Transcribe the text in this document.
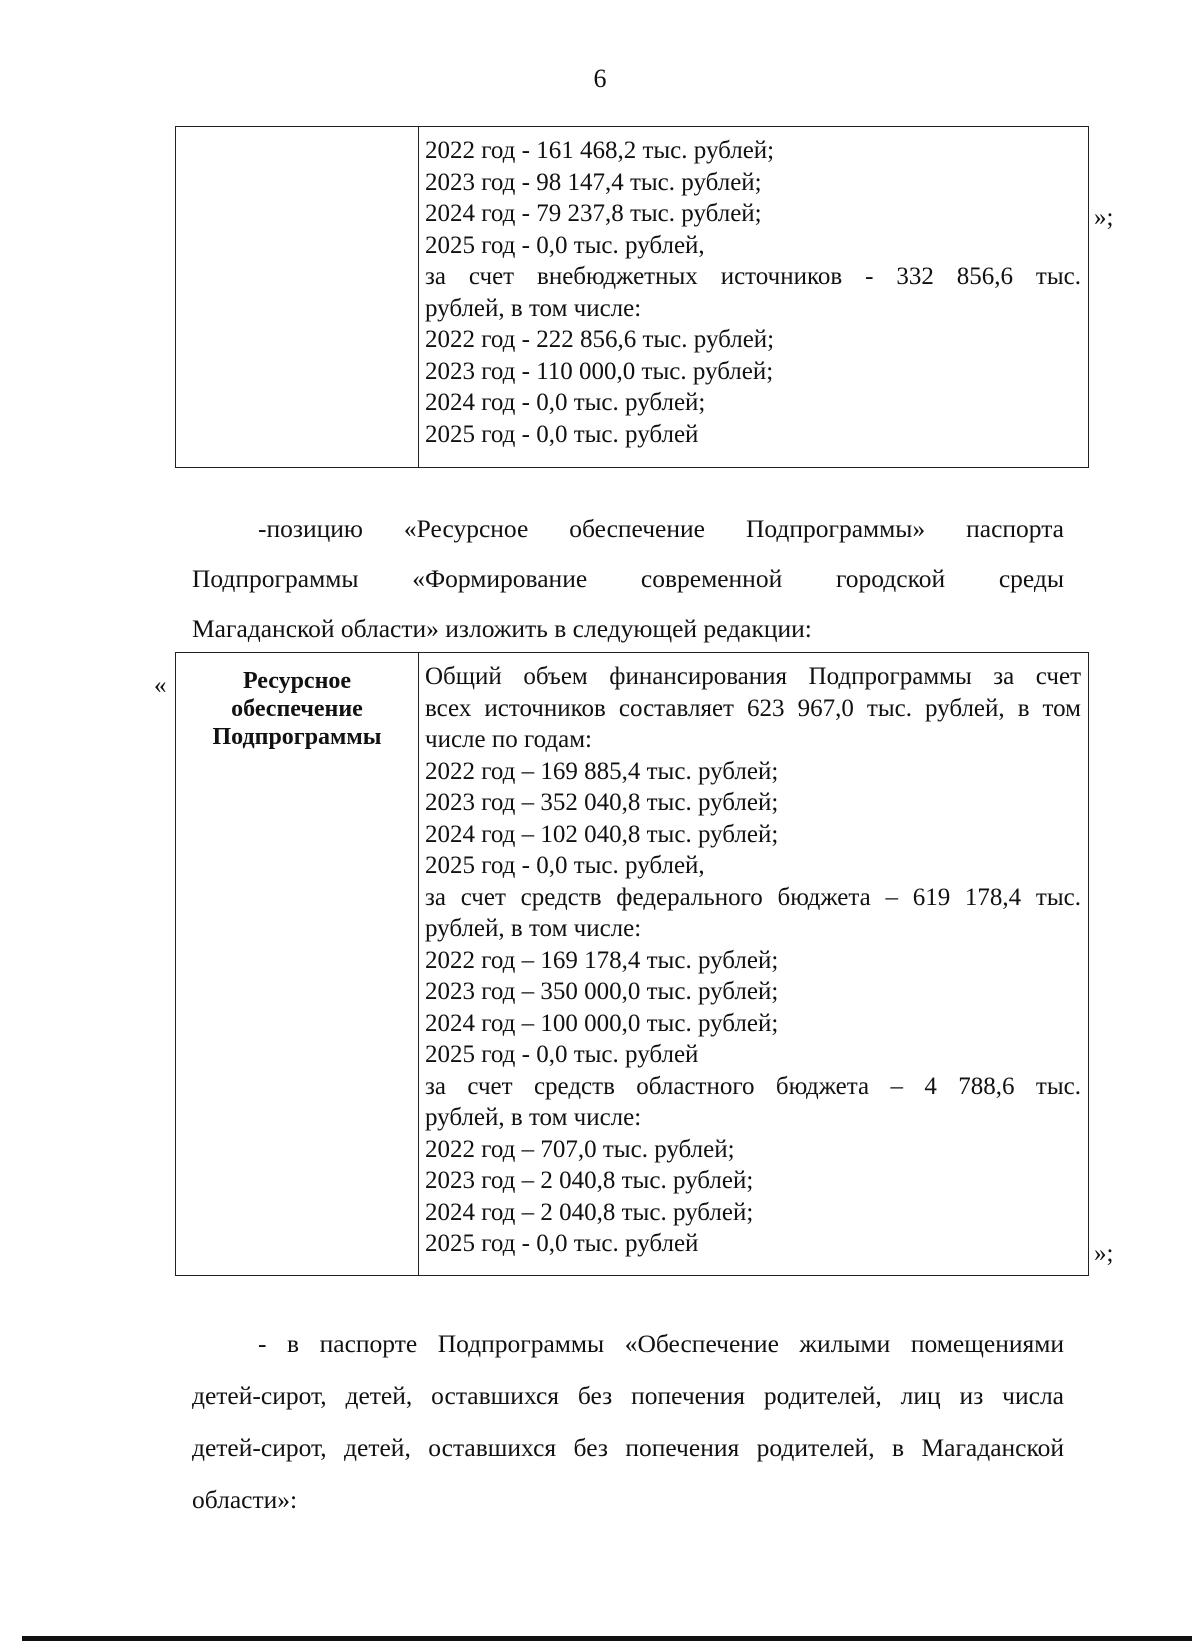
6
2022 год - 161 468,2 тыс. рублей;
2023 год - 98 147,4 тыс. рублей;
2024 год - 79 237,8 тыс. рублей;
2025 год - 0,0 тыс. рублей,
за счет внебюджетных источников - 332 856,6 тыс.
рублей, в том числе:
2022 год - 222 856,6 тыс. рублей;
2023 год - 110 000,0 тыс. рублей;
2024 год - 0,0 тыс. рублей;
2025 год - 0,0 тыс. рублей
»;
-позицию «Ресурсное обеспечение Подпрограммы» паспорта
Подпрограммы «Формирование современной городской среды
Магаданской области» изложить в следующей редакции:
«	Ресурсное
обеспечение
Подпрограммы
Общий объем финансирования Подпрограммы за счет
всех источников составляет 623 967,0 тыс. рублей, в том
числе по годам:
2022 год – 169 885,4 тыс. рублей;
2023 год – 352 040,8 тыс. рублей;
2024 год – 102 040,8 тыс. рублей;
2025 год - 0,0 тыс. рублей,
за счет средств федерального бюджета – 619 178,4 тыс.
рублей, в том числе:
2022 год – 169 178,4 тыс. рублей;
2023 год – 350 000,0 тыс. рублей;
2024 год – 100 000,0 тыс. рублей;
2025 год - 0,0 тыс. рублей
за счет средств областного бюджета – 4 788,6 тыс.
рублей, в том числе:
2022 год – 707,0 тыс. рублей;
2023 год – 2 040,8 тыс. рублей;
2024 год – 2 040,8 тыс. рублей;
2025 год - 0,0 тыс. рублей	»;
- в паспорте Подпрограммы «Обеспечение жилыми помещениями
детей-сирот, детей, оставшихся без попечения родителей, лиц из числа
детей-сирот, детей, оставшихся без попечения родителей, в Магаданской
области»:
